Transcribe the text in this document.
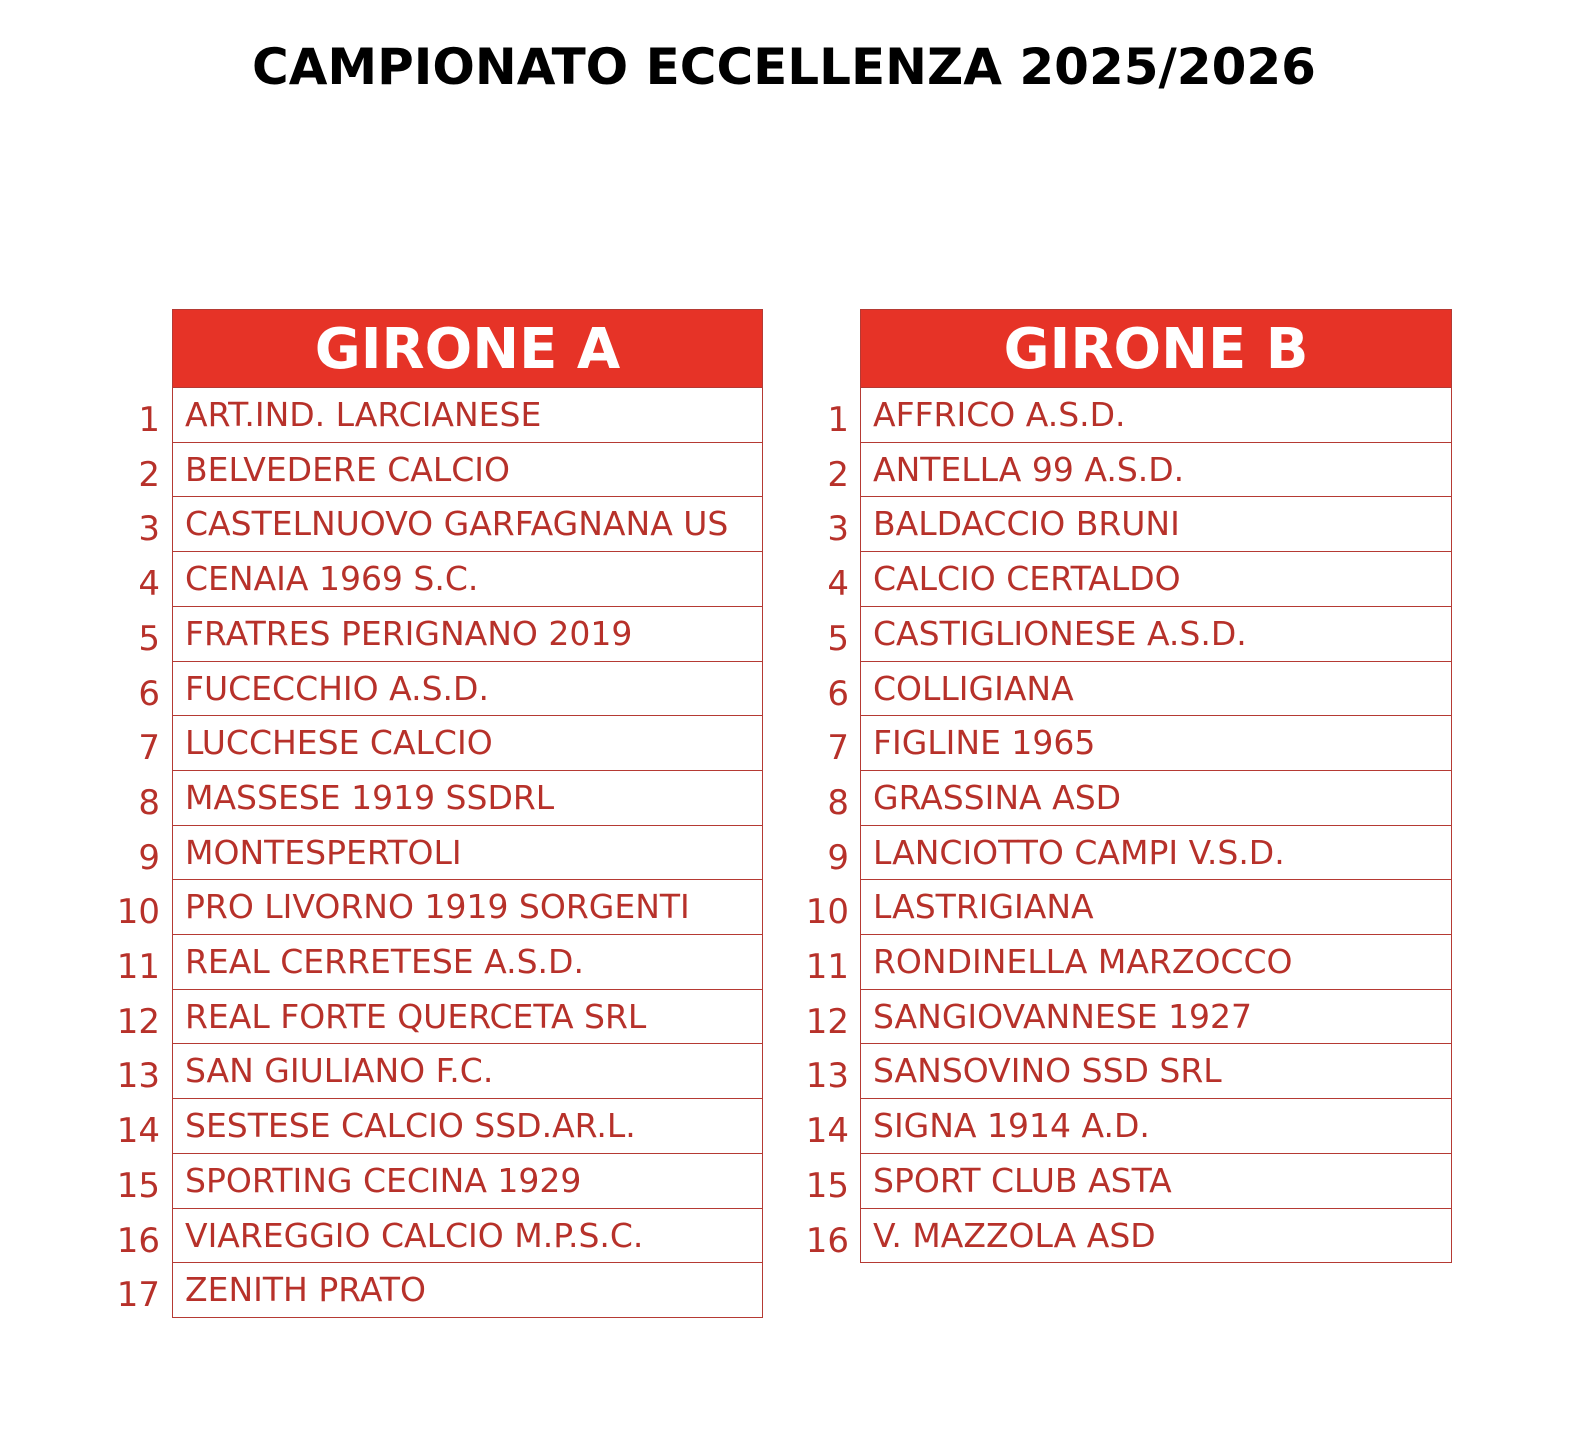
CAMPIONATO ECCELLENZA 2025/2026
GIRONE A
1 ART.IND. LARCIANESE
2 BELVEDERE CALCIO
3 CASTELNUOVO GARFAGNANA US
4 CENAIA 1969 S.C.
5 FRATRES PERIGNANO 2019
6 FUCECCHIO A.S.D.
7 LUCCHESE CALCIO
8 MASSESE 1919 SSDRL
9 MONTESPERTOLI
10 PRO LIVORNO 1919 SORGENTI
11 REAL CERRETESE A.S.D.
12 REAL FORTE QUERCETA SRL
13 SAN GIULIANO F.C.
14 SESTESE CALCIO SSD.AR.L.
15 SPORTING CECINA 1929
16 VIAREGGIO CALCIO M.P.S.C.
17 ZENITH PRATO
GIRONE B
1 AFFRICO A.S.D.
2 ANTELLA 99 A.S.D.
3 BALDACCIO BRUNI
4 CALCIO CERTALDO
5 CASTIGLIONESE A.S.D.
6 COLLIGIANA
7 FIGLINE 1965
8 GRASSINA ASD
9 LANCIOTTO CAMPI V.S.D.
10 LASTRIGIANA
11 RONDINELLA MARZOCCO
12 SANGIOVANNESE 1927
13 SANSOVINO SSD SRL
14 SIGNA 1914 A.D.
15 SPORT CLUB ASTA
16 V. MAZZOLA ASD
